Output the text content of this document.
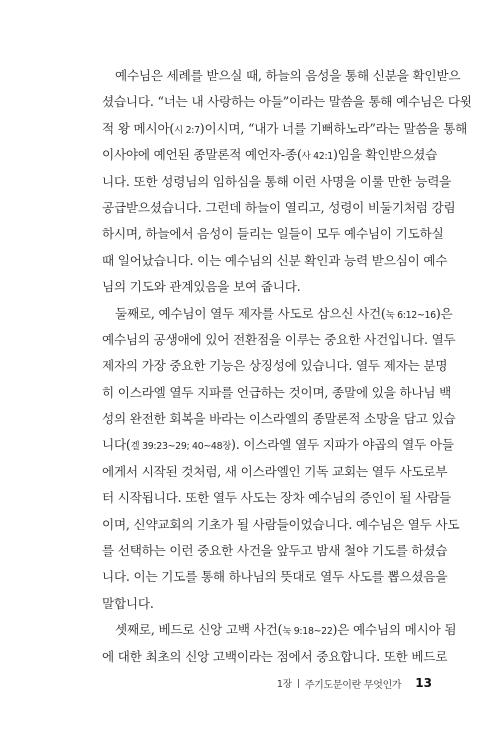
예수님은 세례를 받으실 때, 하늘의 음성을 통해 신분을 확인받으
셨습니다. “너는 내 사랑하는 아들”이라는 말씀을 통해 예수님은 다윗
적 왕 메시아(시 2:7)이시며, “내가 너를 기뻐하노라”라는 말씀을 통해
이사야에 예언된 종말론적 예언자-종(사 42:1)임을 확인받으셨습
니다. 또한 성령님의 임하심을 통해 이런 사명을 이룰 만한 능력을
공급받으셨습니다. 그런데 하늘이 열리고, 성령이 비둘기처럼 강림
하시며, 하늘에서 음성이 들리는 일들이 모두 예수님이 기도하실
때 일어났습니다. 이는 예수님의 신분 확인과 능력 받으심이 예수
님의 기도와 관계있음을 보여 줍니다.
둘째로, 예수님이 열두 제자를 사도로 삼으신 사건(눅 6:12~16)은
예수님의 공생애에 있어 전환점을 이루는 중요한 사건입니다. 열두
제자의 가장 중요한 기능은 상징성에 있습니다. 열두 제자는 분명
히 이스라엘 열두 지파를 언급하는 것이며, 종말에 있을 하나님 백
성의 완전한 회복을 바라는 이스라엘의 종말론적 소망을 담고 있습
니다(겔 39:23~29; 40~48장). 이스라엘 열두 지파가 야곱의 열두 아들
에게서 시작된 것처럼, 새 이스라엘인 기독 교회는 열두 사도로부
터 시작됩니다. 또한 열두 사도는 장차 예수님의 증인이 될 사람들
이며, 신약교회의 기초가 될 사람들이었습니다. 예수님은 열두 사도
를 선택하는 이런 중요한 사건을 앞두고 밤새 철야 기도를 하셨습
니다. 이는 기도를 통해 하나님의 뜻대로 열두 사도를 뽑으셨음을
말합니다.
셋째로, 베드로 신앙 고백 사건(눅 9:18~22)은 예수님의 메시아 됨
에 대한 최초의 신앙 고백이라는 점에서 중요합니다. 또한 베드로
1장 주기도문이란 무엇인가 13
